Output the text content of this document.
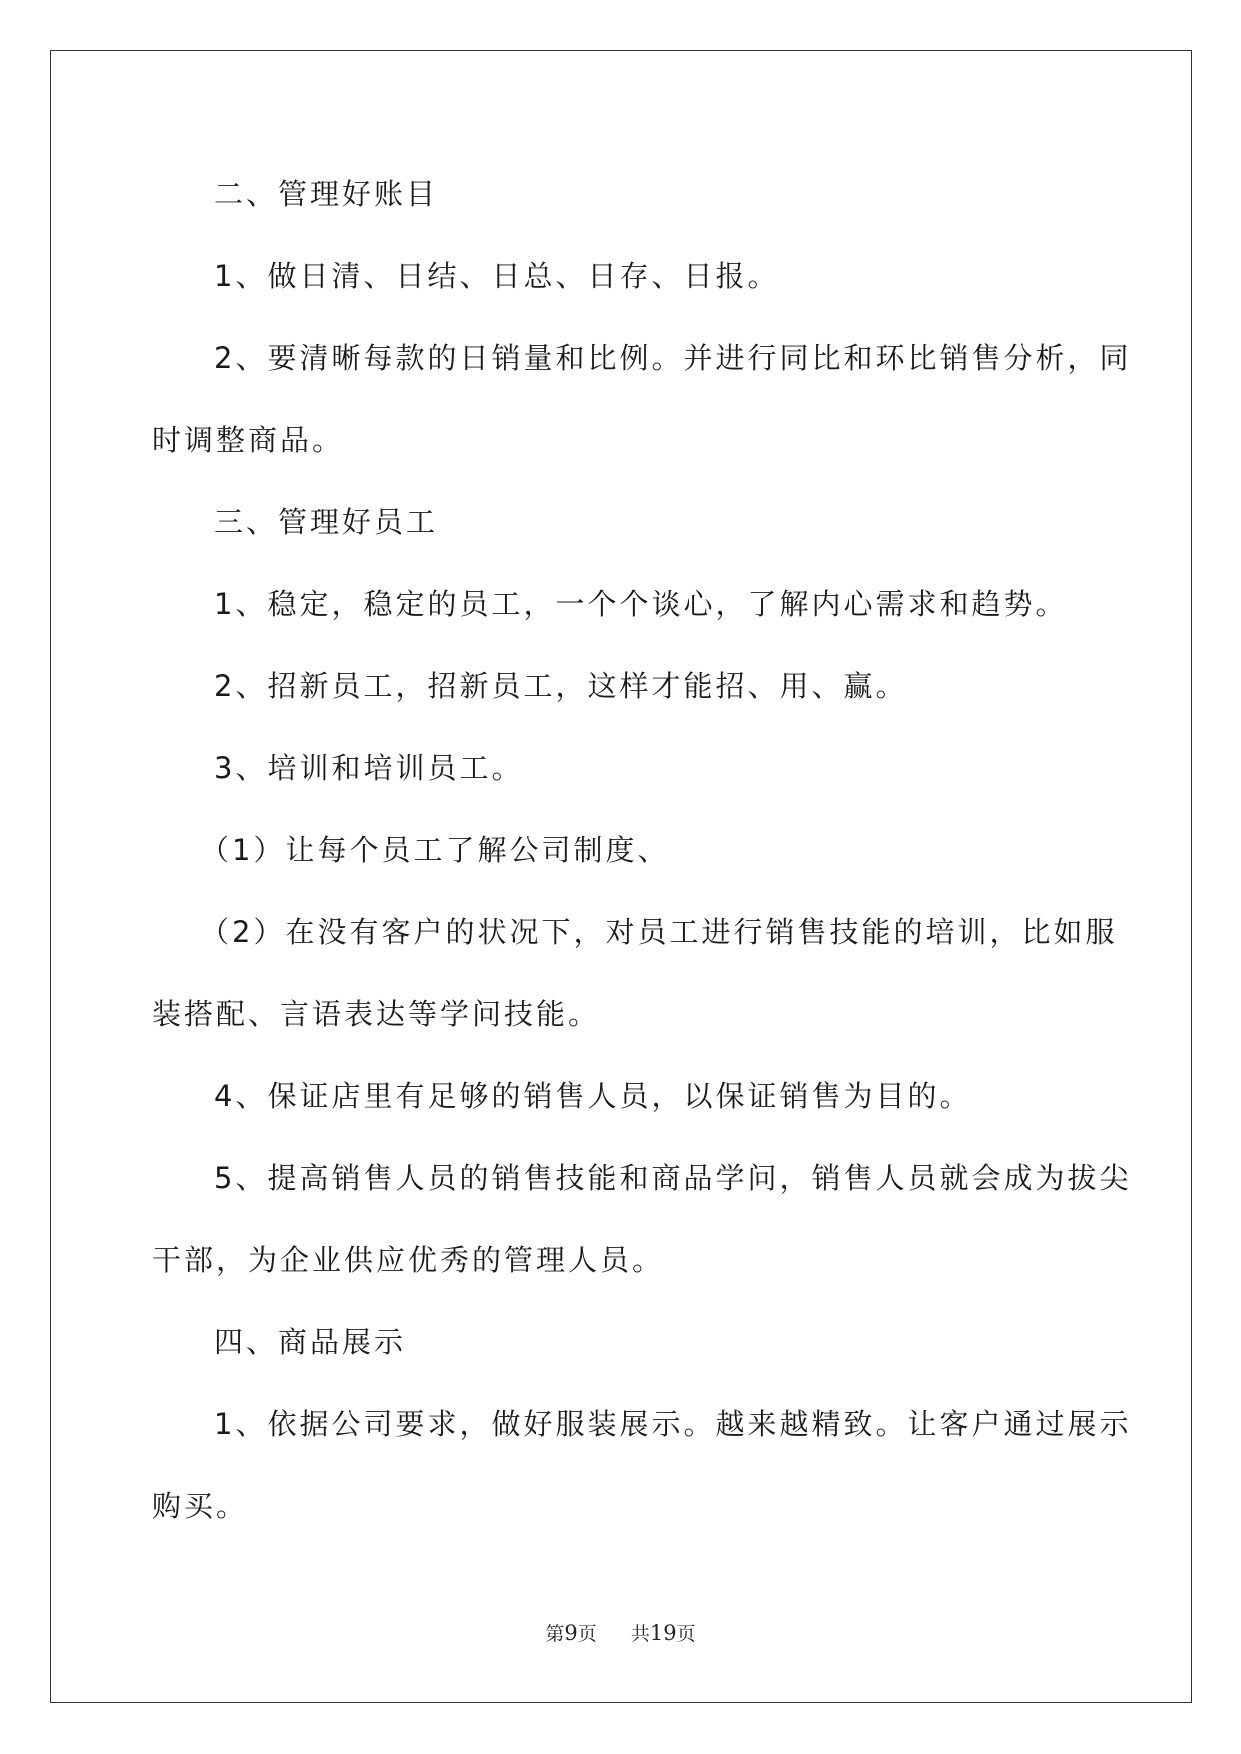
二、管理好账目
1、做日清、日结、日总、日存、日报。
2、要清晰每款的日销量和比例。并进行同比和环比销售分析，同
时调整商品。
三、管理好员工
1、稳定，稳定的员工，一个个谈心，了解内心需求和趋势。
2、招新员工，招新员工，这样才能招、用、赢。
3、培训和培训员工。
（1）让每个员工了解公司制度、
（2）在没有客户的状况下，对员工进行销售技能的培训，比如服
装搭配、言语表达等学问技能。
4、保证店里有足够的销售人员，以保证销售为目的。
5、提高销售人员的销售技能和商品学问，销售人员就会成为拔尖
干部，为企业供应优秀的管理人员。
四、商品展示
1、依据公司要求，做好服装展示。越来越精致。让客户通过展示
购买。
第9页 共19页
